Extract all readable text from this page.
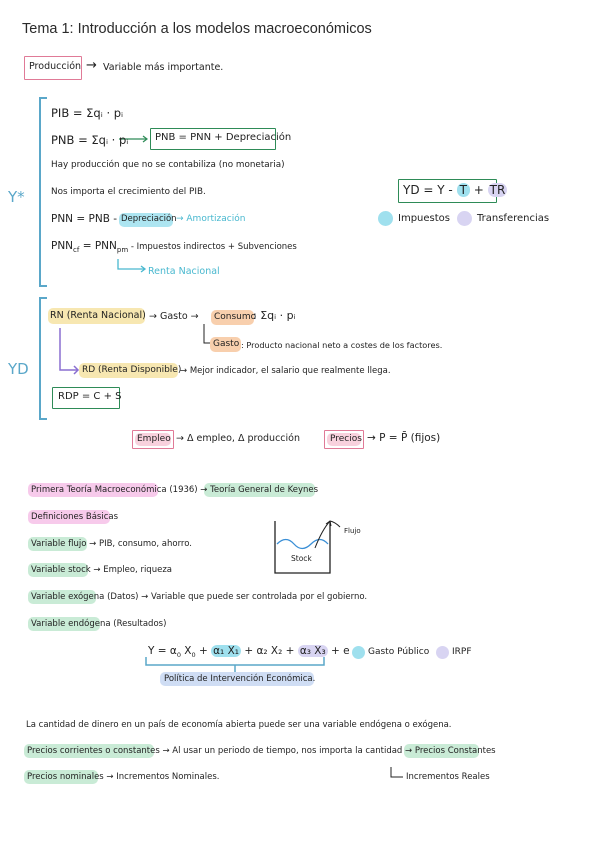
Tema 1: Introducción a los modelos macroeconómicos
Producción → Variable más importante.
Y*
YD
PIB = Σqᵢ · pᵢ
PNB = Σqᵢ · pᵢ	PNB = PNN + Depreciación
Hay producción que no se contabiliza (no monetaria)
Nos importa el crecimiento del PIB.
PNN = PNB - Depreciación → Amortización
$PNN_{cf} = PNN_{pm}$ - Impuestos indirectos + Subvenciones
Renta Nacional
YD = Y - T + TR
Impuestos	Transferencias
RN (Renta Nacional) → Gasto → Consumo
: Σqᵢ · pᵢ
Gasto : Producto nacional neto a costes de los factores.
RD (Renta Disponible)
→ Mejor indicador, el salario que realmente llega.
RDP = C + S
Empleo → Δ empleo, Δ producción	Precios → P = P̄ (fijos)
Primera Teoría Macroeconómica (1936) → Teoría General de Keynes
Definiciones Básicas
Variable flujo → PIB, consumo, ahorro.
Variable stock → Empleo, riqueza
Variable exógena (Datos) → Variable que puede ser controlada por el gobierno.
Variable endógena (Resultados)
Flujo
Stock
$Y = \alpha_0$ $X_0 + \alpha_1$ X₁ + α₂ X₂ + α₃ X₃ + e Gasto Público	IRPF
Política de Intervención Económica.
La cantidad de dinero en un país de economía abierta puede ser una variable endógena o exógena.
Precios corrientes o constantes → Al usar un periodo de tiempo, nos importa la cantidad → Precios Constantes
Precios nominales → Incrementos Nominales.	Incrementos Reales
